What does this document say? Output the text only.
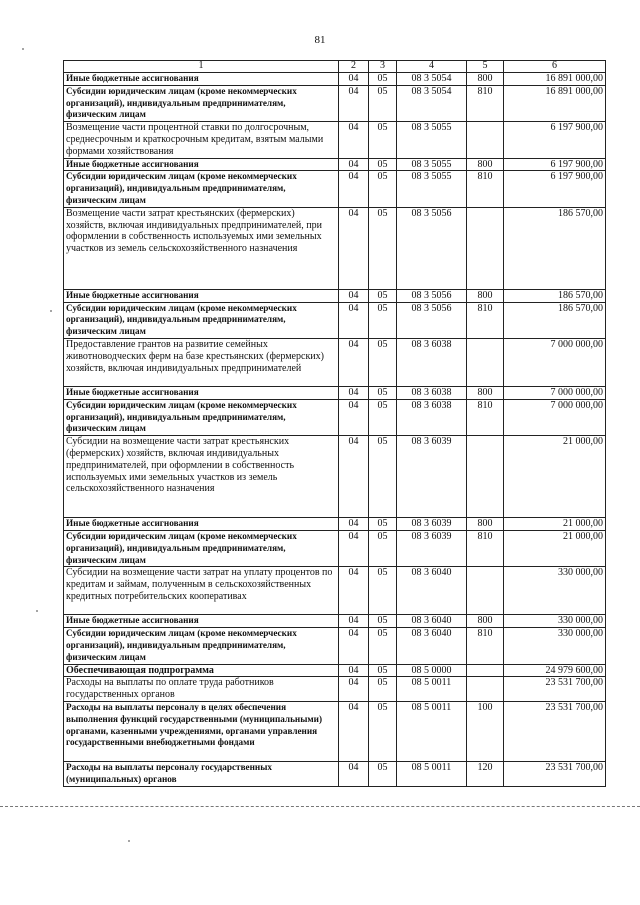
81
1	2	3	4	5	6
Иные бюджетные ассигнования	04	05	08 3 5054	800	16 891 000,00
Субсидии юридическим лицам (кроме некоммерческих организаций), индивидуальным предпринимателям, физическим лицам	04	05	08 3 5054	810	16 891 000,00
Возмещение части процентной ставки по долгосрочным, среднесрочным и краткосрочным кредитам, взятым малыми формами хозяйствования	04	05	08 3 5055		6 197 900,00
Иные бюджетные ассигнования	04	05	08 3 5055	800	6 197 900,00
Субсидии юридическим лицам (кроме некоммерческих организаций), индивидуальным предпринимателям, физическим лицам	04	05	08 3 5055	810	6 197 900,00
Возмещение части затрат крестьянских (фермерских) хозяйств, включая индивидуальных предпринимателей, при оформлении в собственность используемых ими земельных участков из земель сельскохозяйственного назначения	04	05	08 3 5056		186 570,00
Иные бюджетные ассигнования	04	05	08 3 5056	800	186 570,00
Субсидии юридическим лицам (кроме некоммерческих организаций), индивидуальным предпринимателям, физическим лицам	04	05	08 3 5056	810	186 570,00
Предоставление грантов на развитие семейных животноводческих ферм на базе крестьянских (фермерских) хозяйств, включая индивидуальных предпринимателей	04	05	08 3 6038		7 000 000,00
Иные бюджетные ассигнования	04	05	08 3 6038	800	7 000 000,00
Субсидии юридическим лицам (кроме некоммерческих организаций), индивидуальным предпринимателям, физическим лицам	04	05	08 3 6038	810	7 000 000,00
Субсидии на возмещение части затрат крестьянских (фермерских) хозяйств, включая индивидуальных предпринимателей, при оформлении в собственность используемых ими земельных участков из земель сельскохозяйственного назначения	04	05	08 3 6039		21 000,00
Иные бюджетные ассигнования	04	05	08 3 6039	800	21 000,00
Субсидии юридическим лицам (кроме некоммерческих организаций), индивидуальным предпринимателям, физическим лицам	04	05	08 3 6039	810	21 000,00
Субсидии на возмещение части затрат на уплату процентов по кредитам и займам, полученным в сельскохозяйственных кредитных потребительских кооперативах	04	05	08 3 6040		330 000,00
Иные бюджетные ассигнования	04	05	08 3 6040	800	330 000,00
Субсидии юридическим лицам (кроме некоммерческих организаций), индивидуальным предпринимателям, физическим лицам	04	05	08 3 6040	810	330 000,00
Обеспечивающая подпрограмма	04	05	08 5 0000		24 979 600,00
Расходы на выплаты по оплате труда работников государственных органов	04	05	08 5 0011		23 531 700,00
Расходы на выплаты персоналу в целях обеспечения выполнения функций государственными (муниципальными) органами, казенными учреждениями, органами управления государственными внебюджетными фондами	04	05	08 5 0011	100	23 531 700,00
Расходы на выплаты персоналу государственных (муниципальных) органов	04	05	08 5 0011	120	23 531 700,00
